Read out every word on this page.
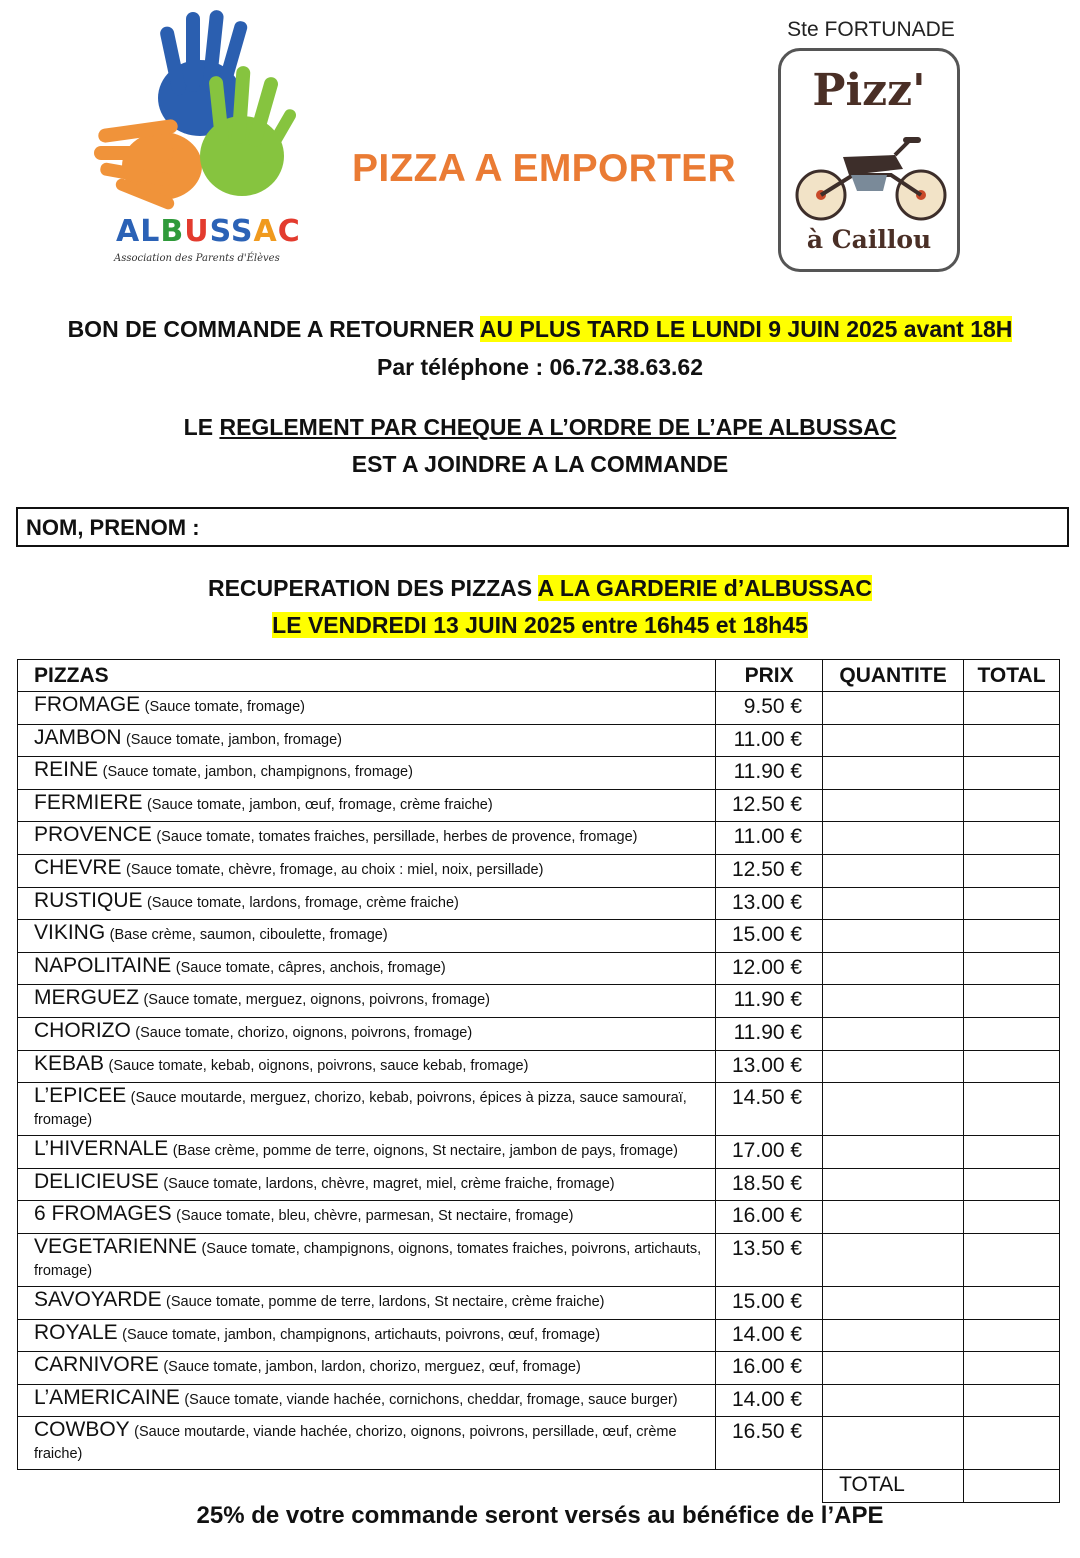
ALBUSSAC
Association des Parents d'Élèves
PIZZA A EMPORTER
Ste FORTUNADE
Pizz'
à Caillou
BON DE COMMANDE A RETOURNER AU PLUS TARD LE LUNDI 9 JUIN 2025 avant 18H
Par téléphone : 06.72.38.63.62
LE REGLEMENT PAR CHEQUE A L’ORDRE DE L’APE ALBUSSAC
EST A JOINDRE A LA COMMANDE
NOM, PRENOM :
RECUPERATION DES PIZZAS A LA GARDERIE d’ALBUSSAC
LE VENDREDI 13 JUIN 2025 entre 16h45 et 18h45
PIZZAS	PRIX	QUANTITE	TOTAL
FROMAGE (Sauce tomate, fromage)	9.50 €		
JAMBON (Sauce tomate, jambon, fromage)	11.00 €		
REINE (Sauce tomate, jambon, champignons, fromage)	11.90 €		
FERMIERE (Sauce tomate, jambon, œuf, fromage, crème fraiche)	12.50 €		
PROVENCE (Sauce tomate, tomates fraiches, persillade, herbes de provence, fromage)	11.00 €		
CHEVRE (Sauce tomate, chèvre, fromage, au choix : miel, noix, persillade)	12.50 €		
RUSTIQUE (Sauce tomate, lardons, fromage, crème fraiche)	13.00 €		
VIKING (Base crème, saumon, ciboulette, fromage)	15.00 €		
NAPOLITAINE (Sauce tomate, câpres, anchois, fromage)	12.00 €		
MERGUEZ (Sauce tomate, merguez, oignons, poivrons, fromage)	11.90 €		
CHORIZO (Sauce tomate, chorizo, oignons, poivrons, fromage)	11.90 €		
KEBAB (Sauce tomate, kebab, oignons, poivrons, sauce kebab, fromage)	13.00 €		
L’EPICEE (Sauce moutarde, merguez, chorizo, kebab, poivrons, épices à pizza, sauce samouraï, fromage)	14.50 €		
L’HIVERNALE (Base crème, pomme de terre, oignons, St nectaire, jambon de pays, fromage)	17.00 €		
DELICIEUSE (Sauce tomate, lardons, chèvre, magret, miel, crème fraiche, fromage)	18.50 €		
6 FROMAGES (Sauce tomate, bleu, chèvre, parmesan, St nectaire, fromage)	16.00 €		
VEGETARIENNE (Sauce tomate, champignons, oignons, tomates fraiches, poivrons, artichauts, fromage)	13.50 €		
SAVOYARDE (Sauce tomate, pomme de terre, lardons, St nectaire, crème fraiche)	15.00 €		
ROYALE (Sauce tomate, jambon, champignons, artichauts, poivrons, œuf, fromage)	14.00 €		
CARNIVORE (Sauce tomate, jambon, lardon, chorizo, merguez, œuf, fromage)	16.00 €		
L’AMERICAINE (Sauce tomate, viande hachée, cornichons, cheddar, fromage, sauce burger)	14.00 €		
COWBOY (Sauce moutarde, viande hachée, chorizo, oignons, poivrons, persillade, œuf, crème fraiche)	16.50 €		
		TOTAL	
25% de votre commande seront versés au bénéfice de l’APE
